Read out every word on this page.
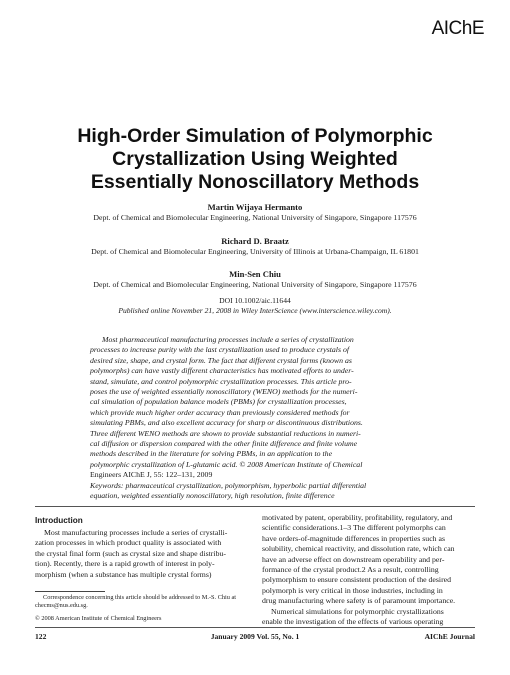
AIChE
High-Order Simulation of Polymorphic
Crystallization Using Weighted
Essentially Nonoscillatory Methods
Martin Wijaya Hermanto
Dept. of Chemical and Biomolecular Engineering, National University of Singapore, Singapore 117576
Richard D. Braatz
Dept. of Chemical and Biomolecular Engineering, University of Illinois at Urbana-Champaign, IL 61801
Min-Sen Chiu
Dept. of Chemical and Biomolecular Engineering, National University of Singapore, Singapore 117576
DOI 10.1002/aic.11644
Published online November 21, 2008 in Wiley InterScience (www.interscience.wiley.com).
Most pharmaceutical manufacturing processes include a series of crystallization
processes to increase purity with the last crystallization used to produce crystals of
desired size, shape, and crystal form. The fact that different crystal forms (known as
polymorphs) can have vastly different characteristics has motivated efforts to under-
stand, simulate, and control polymorphic crystallization processes. This article pro-
poses the use of weighted essentially nonoscillatory (WENO) methods for the numeri-
cal simulation of population balance models (PBMs) for crystallization processes,
which provide much higher order accuracy than previously considered methods for
simulating PBMs, and also excellent accuracy for sharp or discontinuous distributions.
Three different WENO methods are shown to provide substantial reductions in numeri-
cal diffusion or dispersion compared with the other finite difference and finite volume
methods described in the literature for solving PBMs, in an application to the
polymorphic crystallization of L-glutamic acid. © 2008 American Institute of Chemical
Engineers AIChE J, 55: 122–131, 2009
Keywords: pharmaceutical crystallization, polymorphism, hyperbolic partial differential
equation, weighted essentially nonoscillatory, high resolution, finite difference
Introduction
Most manufacturing processes include a series of crystalli-
zation processes in which product quality is associated with
the crystal final form (such as crystal size and shape distribu-
tion). Recently, there is a rapid growth of interest in poly-
morphism (when a substance has multiple crystal forms)
Correspondence concerning this article should be addressed to M.-S. Chiu at
checms@nus.edu.sg.
© 2008 American Institute of Chemical Engineers
motivated by patent, operability, profitability, regulatory, and
scientific considerations.1–3 The different polymorphs can
have orders-of-magnitude differences in properties such as
solubility, chemical reactivity, and dissolution rate, which can
have an adverse effect on downstream operability and per-
formance of the crystal product.2 As a result, controlling
polymorphism to ensure consistent production of the desired
polymorph is very critical in those industries, including in
drug manufacturing where safety is of paramount importance.
Numerical simulations for polymorphic crystallizations
enable the investigation of the effects of various operating
122	January 2009 Vol. 55, No. 1	AIChE Journal
